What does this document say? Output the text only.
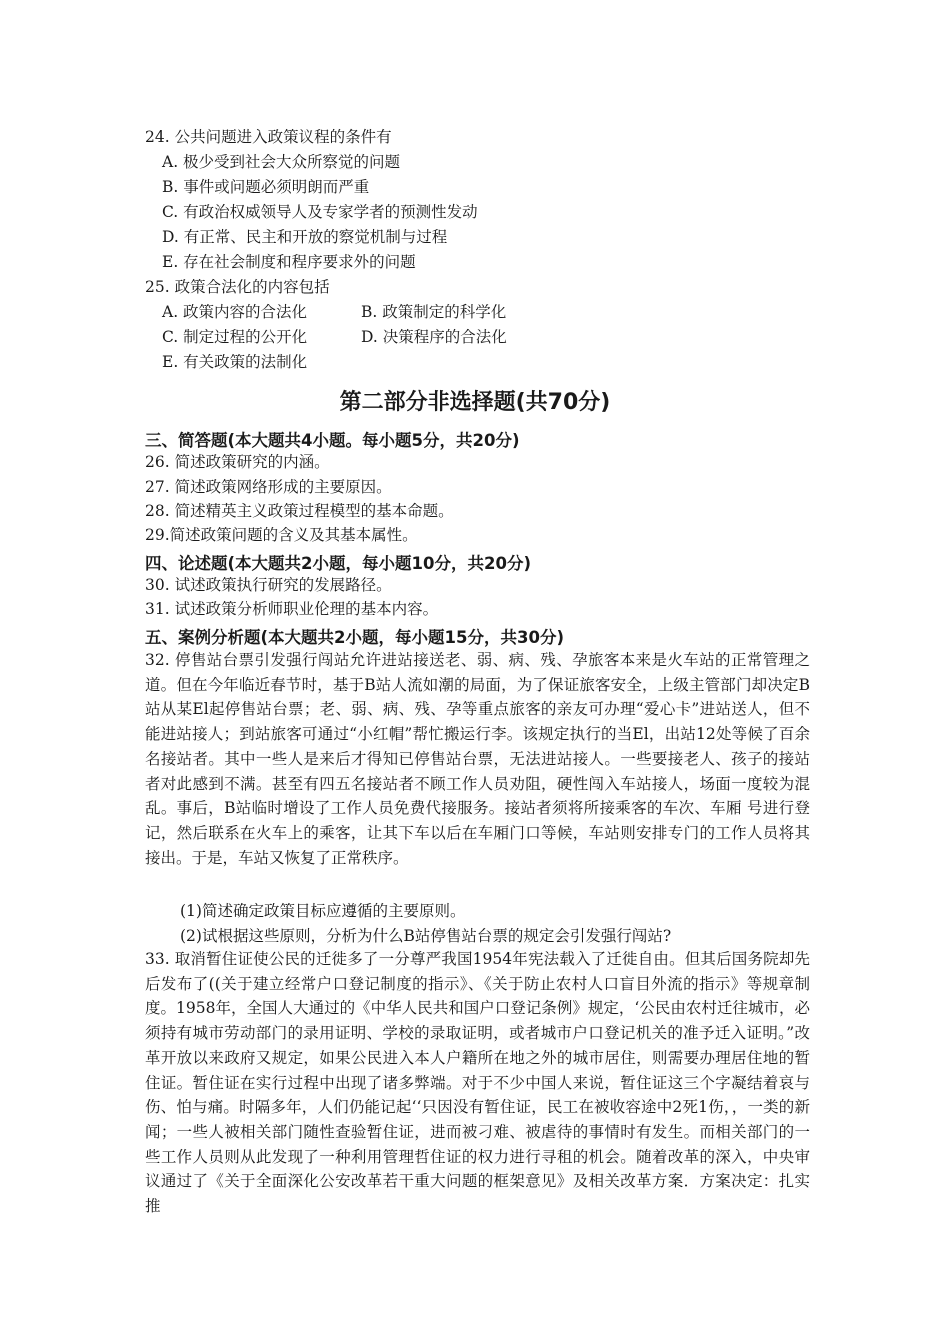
24. 公共问题进入政策议程的条件有
A. 极少受到社会大众所察觉的问题
B. 事件或问题必须明朗而严重
C. 有政治权威领导人及专家学者的预测性发动
D. 有正常、民主和开放的察觉机制与过程
E. 存在社会制度和程序要求外的问题
25. 政策合法化的内容包括
A. 政策内容的合法化	B. 政策制定的科学化
C. 制定过程的公开化	D. 决策程序的合法化
E. 有关政策的法制化
第二部分非选择题(共70分)
三、简答题(本大题共4小题。每小题5分，共20分)
26. 简述政策研究的内涵。
27. 简述政策网络形成的主要原因。
28. 简述精英主义政策过程模型的基本命题。
29.简述政策问题的含义及其基本属性。
四、论述题(本大题共2小题，每小题10分，共20分)
30. 试述政策执行研究的发展路径。
31. 试述政策分析师职业伦理的基本内容。
五、案例分析题(本大题共2小题，每小题15分，共30分)
32. 停售站台票引发强行闯站允许进站接送老、弱、病、残、孕旅客本来是火车站的正常管理之道。但在今年临近春节时，基于B站人流如潮的局面，为了保证旅客安全，上级主管部门却决定B站从某El起停售站台票；老、弱、病、残、孕等重点旅客的亲友可办理“爱心卡”进站送人，但不能进站接人；到站旅客可通过“小红帽”帮忙搬运行李。该规定执行的当El，出站12处等候了百余名接站者。其中一些人是来后才得知已停售站台票，无法进站接人。一些要接老人、孩子的接站者对此感到不满。甚至有四五名接站者不顾工作人员劝阻，硬性闯入车站接人，场面一度较为混乱。事后，B站临时增设了工作人员免费代接服务。接站者须将所接乘客的车次、车厢 号进行登记，然后联系在火车上的乘客，让其下车以后在车厢门口等候，车站则安排专门的工作人员将其接出。于是，车站又恢复了正常秩序。
(1)简述确定政策目标应遵循的主要原则。
(2)试根据这些原则，分析为什么B站停售站台票的规定会引发强行闯站?
33. 取消暂住证使公民的迁徙多了一分尊严我国1954年宪法载入了迁徙自由。但其后国务院却先后发布了((关于建立经常户口登记制度的指示》、《关于防止农村人口盲目外流的指示》等规章制度。1958年，全国人大通过的《中华人民共和国户口登记条例》规定，‘公民由农村迁往城市，必须持有城市劳动部门的录用证明、学校的录取证明，或者城市户口登记机关的准予迁入证明。”改革开放以来政府又规定，如果公民进入本人户籍所在地之外的城市居住，则需要办理居住地的暂住证。暂住证在实行过程中出现了诸多弊端。对于不少中国人来说，暂住证这三个字凝结着哀与伤、怕与痛。时隔多年，人们仍能记起‘‘只因没有暂住证，民工在被收容途中2死1伤，，一类的新闻；一些人被相关部门随性查验暂住证，进而被刁难、被虐待的事情时有发生。而相关部门的一些工作人员则从此发现了一种利用管理哲住证的权力进行寻租的机会。随着改革的深入，中央审议通过了《关于全面深化公安改革若干重大问题的框架意见》及相关改革方案．方案决定：扎实推
